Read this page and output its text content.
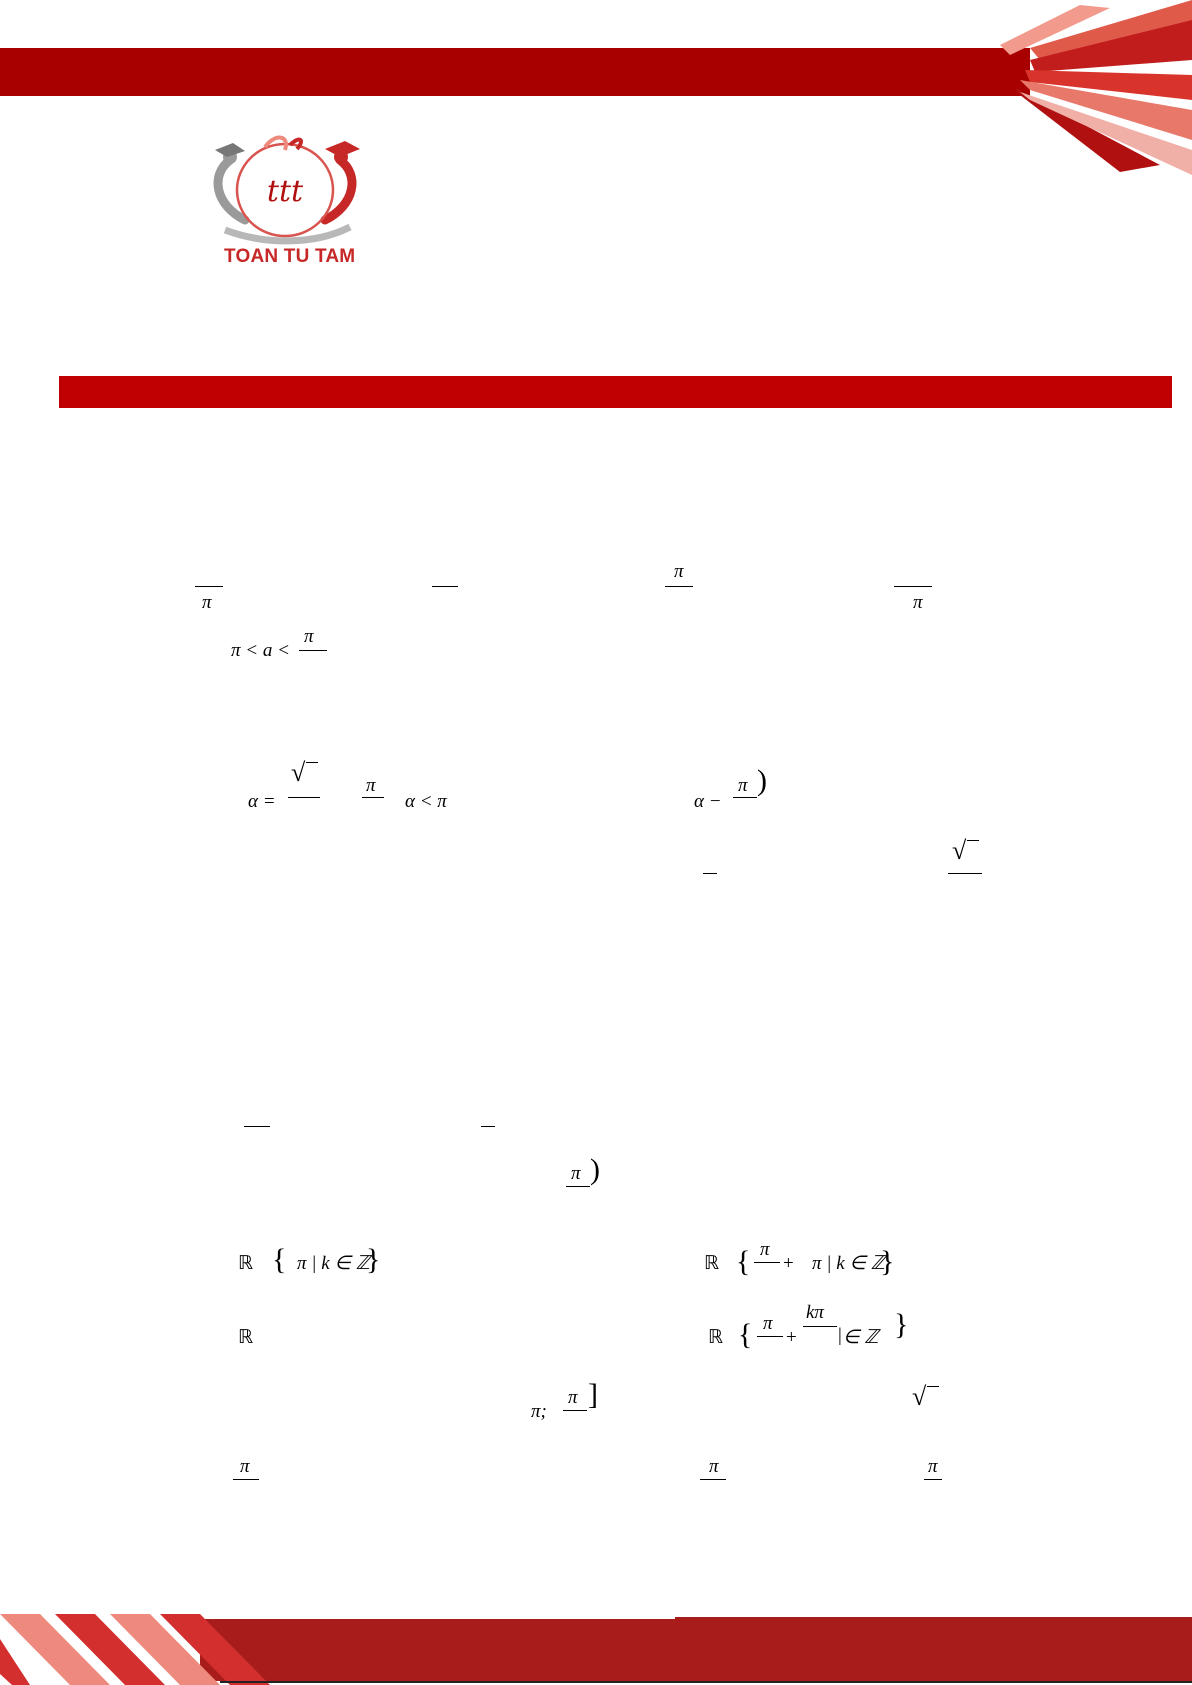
ttt
TOAN TU TAM
π
π
π
π < a <
π
α =
√	π
α < π	α −
π )
√
π )
ℝ { π | k ∈ ℤ
}	ℝ { π
+ π | k ∈ ℤ
}
ℝ	ℝ { π
+
kπ
| ∈ ℤ }
π;
π ]	√
π	π	π
